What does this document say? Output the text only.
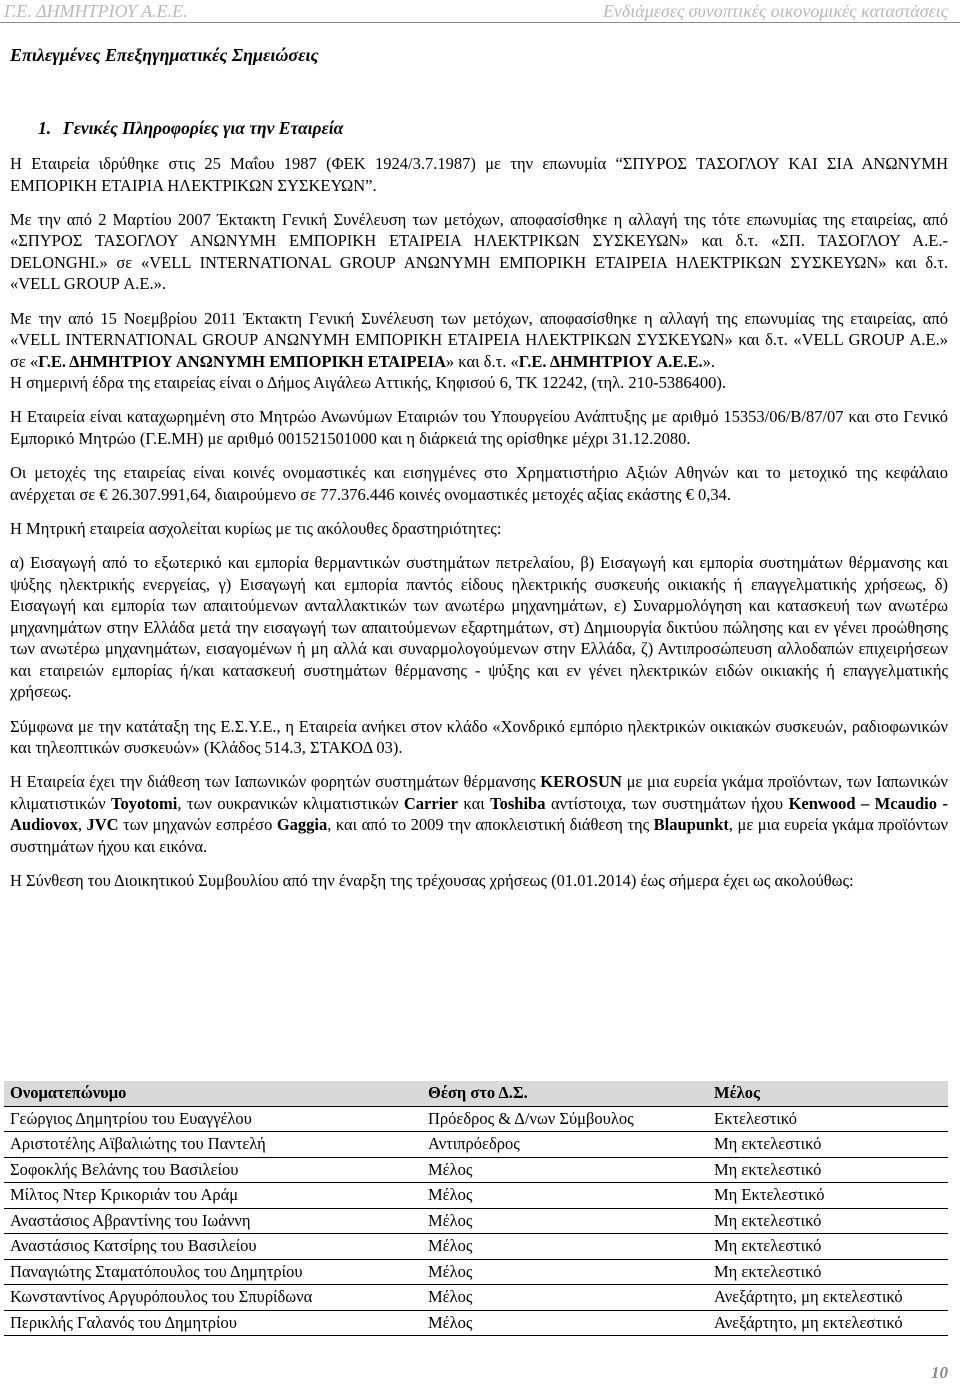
Γ.Ε. ΔΗΜΗΤΡΙΟΥ Α.Ε.Ε.	Ενδιάμεσες συνοπτικές οικονομικές καταστάσεις
Επιλεγμένες Επεξηγηματικές Σημειώσεις
1. Γενικές Πληροφορίες για την Εταιρεία

Η Εταιρεία ιδρύθηκε στις 25 Μαΐου 1987 (ΦΕΚ 1924/3.7.1987) με την επωνυμία “ΣΠΥΡΟΣ ΤΑΣΟΓΛΟΥ ΚΑΙ ΣΙΑ ΑΝΩΝΥΜΗ ΕΜΠΟΡΙΚΗ ΕΤΑΙΡΙΑ ΗΛΕΚΤΡΙΚΩΝ ΣΥΣΚΕΥΩΝ”.

Με την από 2 Μαρτίου 2007 Έκτακτη Γενική Συνέλευση των μετόχων, αποφασίσθηκε η αλλαγή της τότε επωνυμίας της εταιρείας, από «ΣΠΥΡΟΣ ΤΑΣΟΓΛΟΥ ΑΝΩΝΥΜΗ ΕΜΠΟΡΙΚΗ ΕΤΑΙΡΕΙΑ ΗΛΕΚΤΡΙΚΩΝ ΣΥΣΚΕΥΩΝ» και δ.τ. «ΣΠ. ΤΑΣΟΓΛΟΥ Α.Ε.- DELONGHI.» σε «VELL INTERNATIONAL GROUP ΑΝΩΝΥΜΗ ΕΜΠΟΡΙΚΗ ΕΤΑΙΡΕΙΑ ΗΛΕΚΤΡΙΚΩΝ ΣΥΣΚΕΥΩΝ» και δ.τ. «VELL GROUP Α.Ε.».

Με την από 15 Νοεμβρίου 2011 Έκτακτη Γενική Συνέλευση των μετόχων, αποφασίσθηκε η αλλαγή της επωνυμίας της εταιρείας, από «VELL INTERNATIONAL GROUP ΑΝΩΝΥΜΗ ΕΜΠΟΡΙΚΗ ΕΤΑΙΡΕΙΑ ΗΛΕΚΤΡΙΚΩΝ ΣΥΣΚΕΥΩΝ» και δ.τ. «VELL GROUP Α.Ε.» σε «Γ.Ε. ΔΗΜΗΤΡΙΟΥ ΑΝΩΝΥΜΗ ΕΜΠΟΡΙΚΗ ΕΤΑΙΡΕΙΑ» και δ.τ. «Γ.Ε. ΔΗΜΗΤΡΙΟΥ Α.Ε.Ε.».

Η σημερινή έδρα της εταιρείας είναι ο Δήμος Αιγάλεω Αττικής, Κηφισού 6, ΤΚ 12242, (τηλ. 210-5386400).

Η Εταιρεία είναι καταχωρημένη στο Μητρώο Ανωνύμων Εταιριών του Υπουργείου Ανάπτυξης με αριθμό 15353/06/Β/87/07 και στο Γενικό Εμπορικό Μητρώο (Γ.Ε.ΜΗ) με αριθμό 001521501000 και η διάρκειά της ορίσθηκε μέχρι 31.12.2080.

Οι μετοχές της εταιρείας είναι κοινές ονομαστικές και εισηγμένες στο Χρηματιστήριο Αξιών Αθηνών και το μετοχικό της κεφάλαιο ανέρχεται σε € 26.307.991,64, διαιρούμενο σε 77.376.446 κοινές ονομαστικές μετοχές αξίας εκάστης € 0,34.

Η Μητρική εταιρεία ασχολείται κυρίως με τις ακόλουθες δραστηριότητες:

α) Εισαγωγή από το εξωτερικό και εμπορία θερμαντικών συστημάτων πετρελαίου, β) Εισαγωγή και εμπορία συστημάτων θέρμανσης και ψύξης ηλεκτρικής ενεργείας, γ) Εισαγωγή και εμπορία παντός είδους ηλεκτρικής συσκευής οικιακής ή επαγγελματικής χρήσεως, δ) Εισαγωγή και εμπορία των απαιτούμενων ανταλλακτικών των ανωτέρω μηχανημάτων, ε) Συναρμολόγηση και κατασκευή των ανωτέρω μηχανημάτων στην Ελλάδα μετά την εισαγωγή των απαιτούμενων εξαρτημάτων, στ) Δημιουργία δικτύου πώλησης και εν γένει προώθησης των ανωτέρω μηχανημάτων, εισαγομένων ή μη αλλά και συναρμολογούμενων στην Ελλάδα, ζ) Αντιπροσώπευση αλλοδαπών επιχειρήσεων και εταιρειών εμπορίας ή/και κατασκευή συστημάτων θέρμανσης - ψύξης και εν γένει ηλεκτρικών ειδών οικιακής ή επαγγελματικής χρήσεως.

Σύμφωνα με την κατάταξη της Ε.Σ.Υ.Ε., η Εταιρεία ανήκει στον κλάδο «Χονδρικό εμπόριο ηλεκτρικών οικιακών συσκευών, ραδιοφωνικών και τηλεοπτικών συσκευών» (Κλάδος 514.3, ΣΤΑΚΟΔ 03).

Η Εταιρεία έχει την διάθεση των Ιαπωνικών φορητών συστημάτων θέρμανσης KEROSUN με μια ευρεία γκάμα προϊόντων, των Ιαπωνικών κλιματιστικών Toyotomi, των ουκρανικών κλιματιστικών Carrier και Toshiba αντίστοιχα, των συστημάτων ήχου Kenwood – Mcaudio - Audiovox, JVC των μηχανών εσπρέσο Gaggia, και από το 2009 την αποκλειστική διάθεση της Blaupunkt, με μια ευρεία γκάμα προϊόντων συστημάτων ήχου και εικόνα.

Η Σύνθεση του Διοικητικού Συμβουλίου από την έναρξη της τρέχουσας χρήσεως (01.01.2014) έως σήμερα έχει ως ακολούθως:

Ονοματεπώνυμο	Θέση στο Δ.Σ.	Μέλος
Γεώργιος Δημητρίου του Ευαγγέλου	Πρόεδρος & Δ/νων Σύμβουλος	Εκτελεστικό
Αριστοτέλης Αϊβαλιώτης του Παντελή	Αντιπρόεδρος	Μη εκτελεστικό
Σοφοκλής Βελάνης του Βασιλείου	Μέλος	Μη εκτελεστικό
Μίλτος Ντερ Κρικοριάν του Αράμ	Μέλος	Μη Εκτελεστικό
Αναστάσιος Αβραντίνης του Ιωάννη	Μέλος	Μη εκτελεστικό
Αναστάσιος Κατσίρης του Βασιλείου	Μέλος	Μη εκτελεστικό
Παναγιώτης Σταματόπουλος του Δημητρίου	Μέλος	Μη εκτελεστικό
Κωνσταντίνος Αργυρόπουλος του Σπυρίδωνα	Μέλος	Ανεξάρτητο, μη εκτελεστικό
Περικλής Γαλανός του Δημητρίου	Μέλος	Ανεξάρτητο, μη εκτελεστικό
10
